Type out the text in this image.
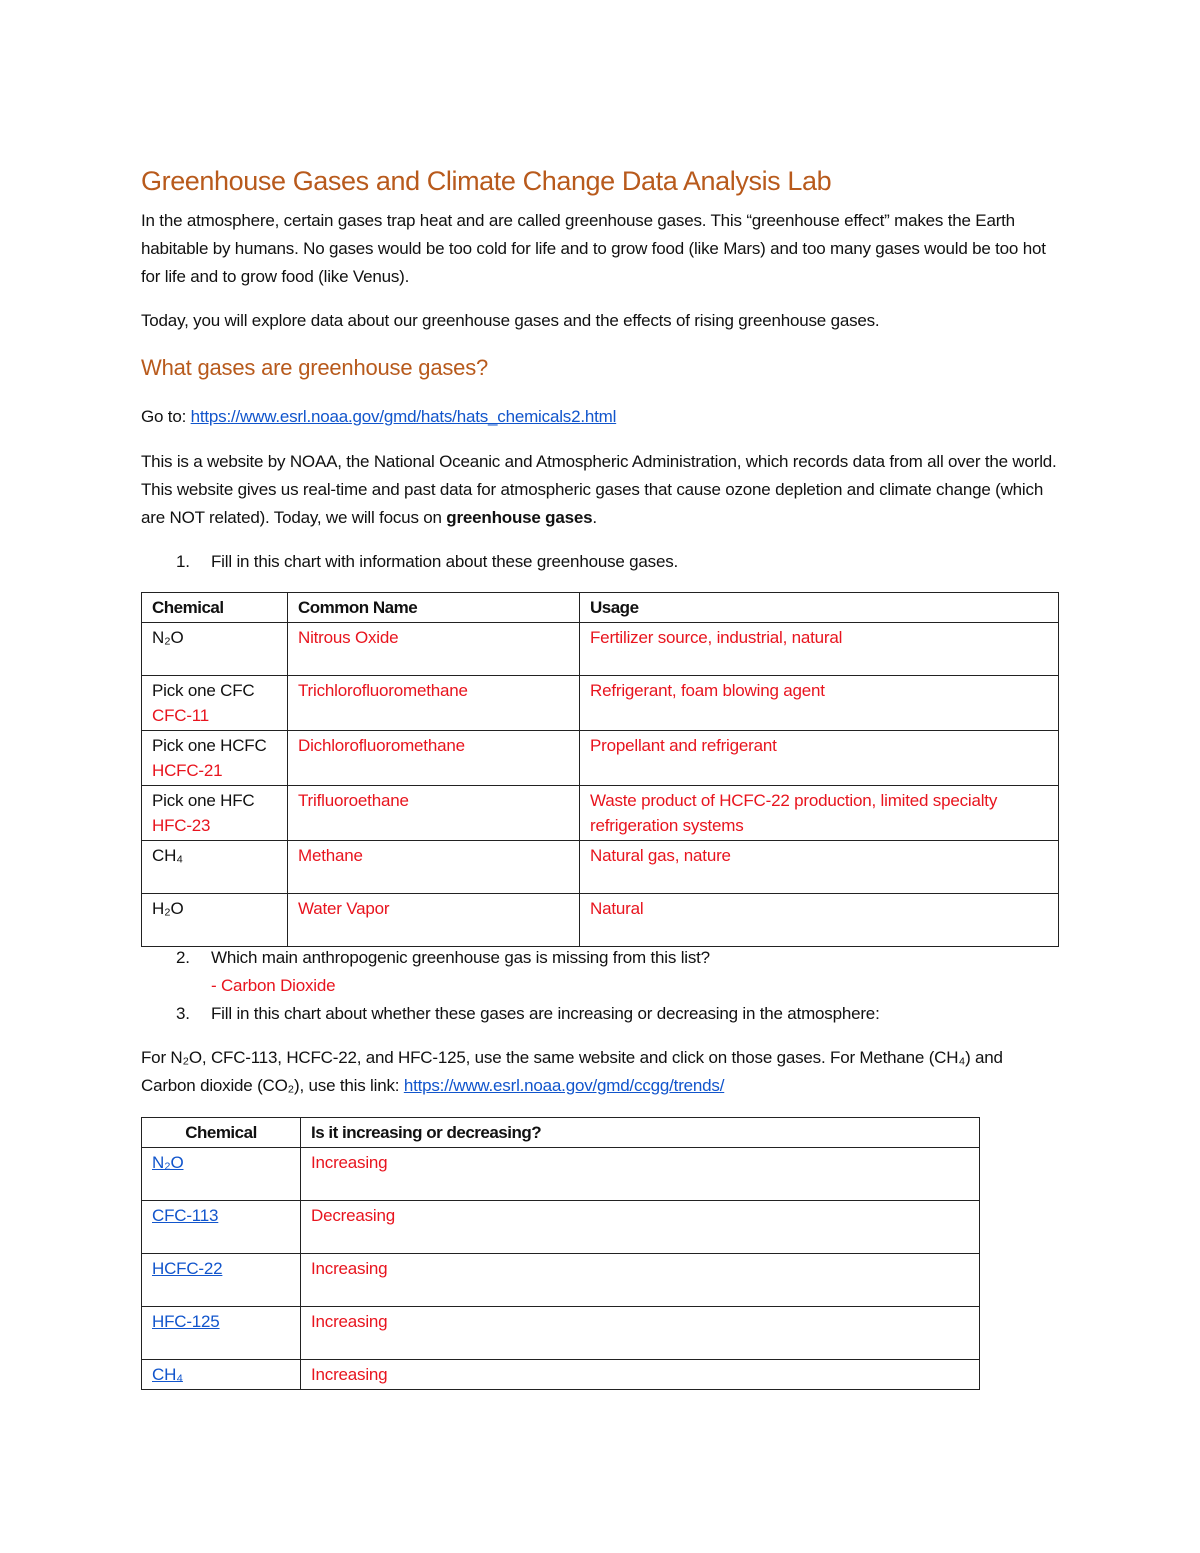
Greenhouse Gases and Climate Change Data Analysis Lab
In the atmosphere, certain gases trap heat and are called greenhouse gases. This “greenhouse effect” makes the Earth habitable by humans. No gases would be too cold for life and to grow food (like Mars) and too many gases would be too hot for life and to grow food (like Venus).
Today, you will explore data about our greenhouse gases and the effects of rising greenhouse gases.
What gases are greenhouse gases?
Go to: https://www.esrl.noaa.gov/gmd/hats/hats_chemicals2.html
This is a website by NOAA, the National Oceanic and Atmospheric Administration, which records data from all over the world. This website gives us real-time and past data for atmospheric gases that cause ozone depletion and climate change (which are NOT related). Today, we will focus on greenhouse gases.
1. Fill in this chart with information about these greenhouse gases.
Chemical	Common Name	Usage

N₂O	Nitrous Oxide	Fertilizer source, industrial, natural

Pick one CFC
CFC-11	Trichlorofluoromethane	Refrigerant, foam blowing agent

Pick one HCFC
HCFC-21	Dichlorofluoromethane	Propellant and refrigerant

Pick one HFC
HFC-23	Trifluoroethane	Waste product of HCFC-22 production, limited specialty refrigeration systems

CH₄	Methane	Natural gas, nature

H₂O	Water Vapor	Natural
2. Which main anthropogenic greenhouse gas is missing from this list?
- Carbon Dioxide
3. Fill in this chart about whether these gases are increasing or decreasing in the atmosphere:
For N₂O, CFC-113, HCFC-22, and HFC-125, use the same website and click on those gases. For Methane (CH₄) and Carbon dioxide (CO₂), use this link: https://www.esrl.noaa.gov/gmd/ccgg/trends/
Chemical	Is it increasing or decreasing?
N₂O	Increasing
CFC-113	Decreasing
HCFC-22	Increasing
HFC-125	Increasing
CH₄	Increasing
